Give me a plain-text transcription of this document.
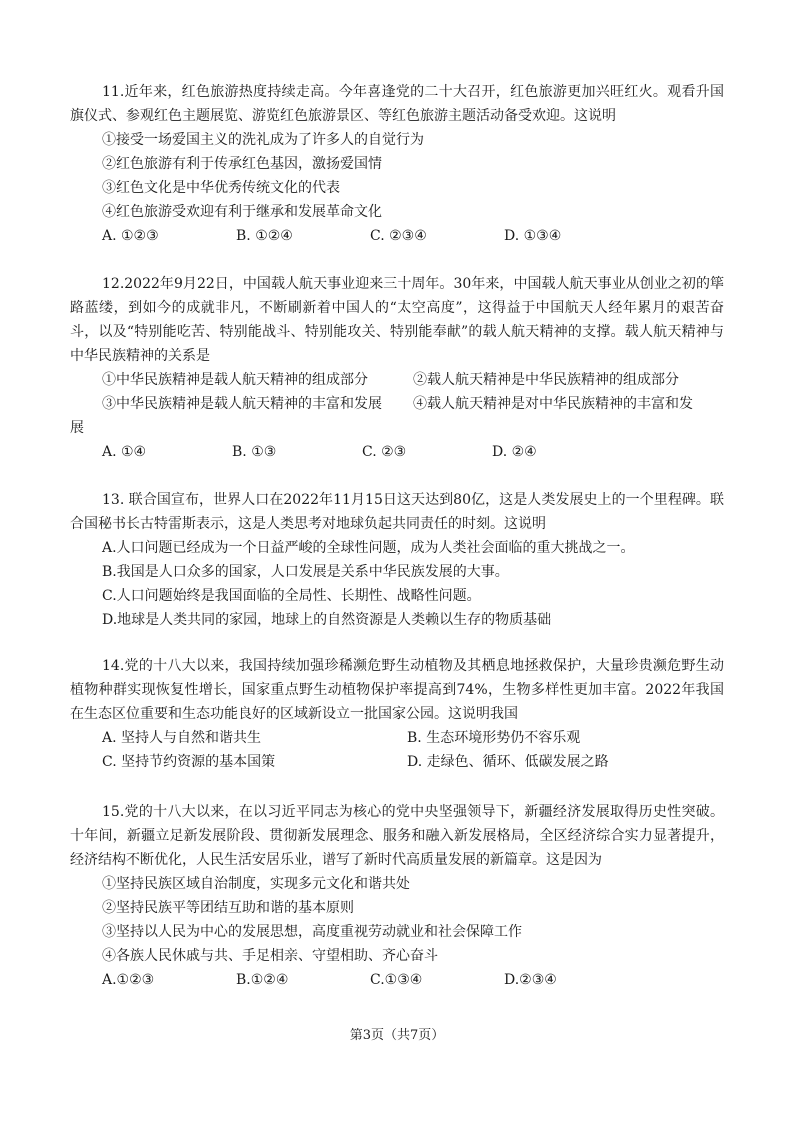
11.近年来，红色旅游热度持续走高。今年喜逢党的二十大召开，红色旅游更加兴旺红火。观看升国旗仪式、参观红色主题展览、游览红色旅游景区、等红色旅游主题活动备受欢迎。这说明

①接受一场爱国主义的洗礼成为了许多人的自觉行为

②红色旅游有利于传承红色基因，激扬爱国情

③红色文化是中华优秀传统文化的代表

④红色旅游受欢迎有利于继承和发展革命文化

A. ①②③	B. ①②④	C. ②③④	D. ①③④

12.2022年9月22日，中国载人航天事业迎来三十周年。30年来，中国载人航天事业从创业之初的筚路蓝缕，到如今的成就非凡，不断刷新着中国人的“太空高度”，这得益于中国航天人经年累月的艰苦奋斗，以及“特别能吃苦、特别能战斗、特别能攻关、特别能奉献”的载人航天精神的支撑。载人航天精神与中华民族精神的关系是

①中华民族精神是载人航天精神的组成部分	②载人航天精神是中华民族精神的组成部分
③中华民族精神是载人航天精神的丰富和发展	④载人航天精神是对中华民族精神的丰富和发

展

A. ①④	B. ①③	C. ②③	D. ②④

13. 联合国宣布，世界人口在2022年11月15日这天达到80亿，这是人类发展史上的一个里程碑。联合国秘书长古特雷斯表示，这是人类思考对地球负起共同责任的时刻。这说明

A.人口问题已经成为一个日益严峻的全球性问题，成为人类社会面临的重大挑战之一。

B.我国是人口众多的国家，人口发展是关系中华民族发展的大事。

C.人口问题始终是我国面临的全局性、长期性、战略性问题。

D.地球是人类共同的家园，地球上的自然资源是人类赖以生存的物质基础

14.党的十八大以来，我国持续加强珍稀濒危野生动植物及其栖息地拯救保护，大量珍贵濒危野生动植物种群实现恢复性增长，国家重点野生动植物保护率提高到74%，生物多样性更加丰富。2022年我国在生态区位重要和生态功能良好的区域新设立一批国家公园。这说明我国

A. 坚持人与自然和谐共生	B. 生态环境形势仍不容乐观
C. 坚持节约资源的基本国策	D. 走绿色、循环、低碳发展之路

15.党的十八大以来，在以习近平同志为核心的党中央坚强领导下，新疆经济发展取得历史性突破。十年间，新疆立足新发展阶段、贯彻新发展理念、服务和融入新发展格局，全区经济综合实力显著提升，经济结构不断优化，人民生活安居乐业，谱写了新时代高质量发展的新篇章。这是因为

①坚持民族区域自治制度，实现多元文化和谐共处

②坚持民族平等团结互助和谐的基本原则

③坚持以人民为中心的发展思想，高度重视劳动就业和社会保障工作

④各族人民休戚与共、手足相亲、守望相助、齐心奋斗

A.①②③	B.①②④	C.①③④	D.②③④
第3页（共7页）
